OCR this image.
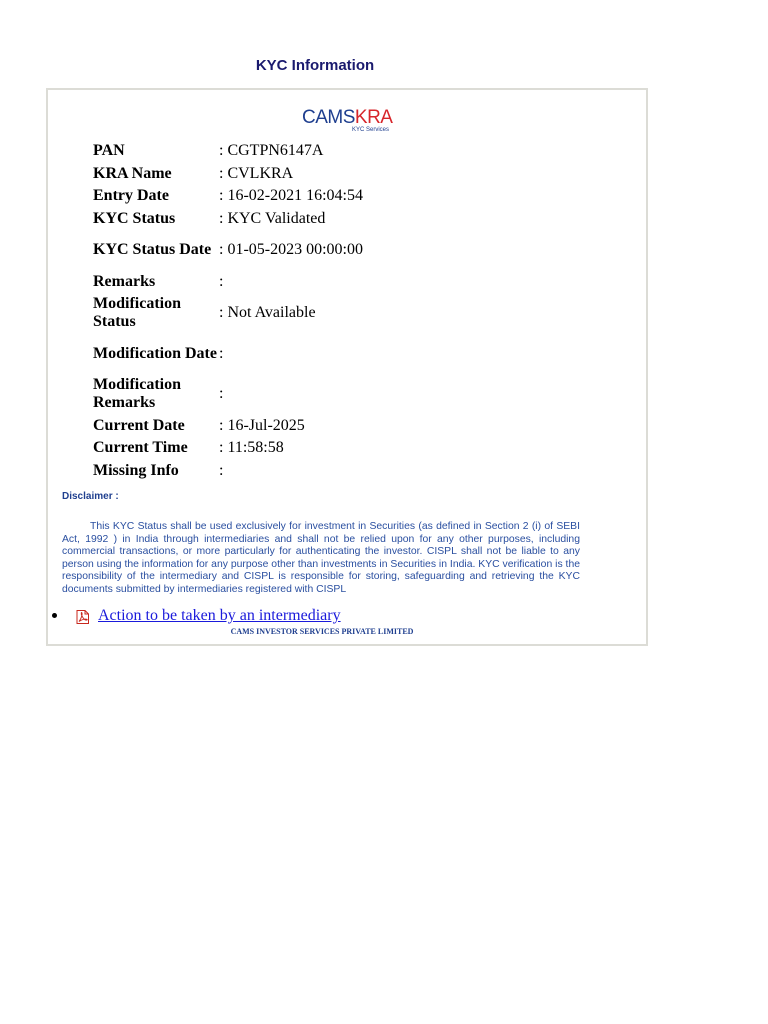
KYC Information
CAMSKRA
KYC Services
PAN	: CGTPN6147A
KRA Name	: CVLKRA
Entry Date	: 16-02-2021 16:04:54
KYC Status	: KYC Validated
KYC Status Date	: 01-05-2023 00:00:00
Remarks	:
Modification Status	: Not Available
Modification Date	:
Modification Remarks	:
Current Date	: 16-Jul-2025
Current Time	: 11:58:58
Missing Info	:
Disclaimer :
This KYC Status shall be used exclusively for investment in Securities (as defined in Section 2 (i) of SEBI Act, 1992 ) in India through intermediaries and shall not be relied upon for any other purposes, including commercial transactions, or more particularly for authenticating the investor. CISPL shall not be liable to any person using the information for any purpose other than investments in Securities in India. KYC verification is the responsibility of the intermediary and CISPL is responsible for storing, safeguarding and retrieving the KYC documents submitted by intermediaries registered with CISPL
Action to be taken by an intermediary
CAMS INVESTOR SERVICES PRIVATE LIMITED
